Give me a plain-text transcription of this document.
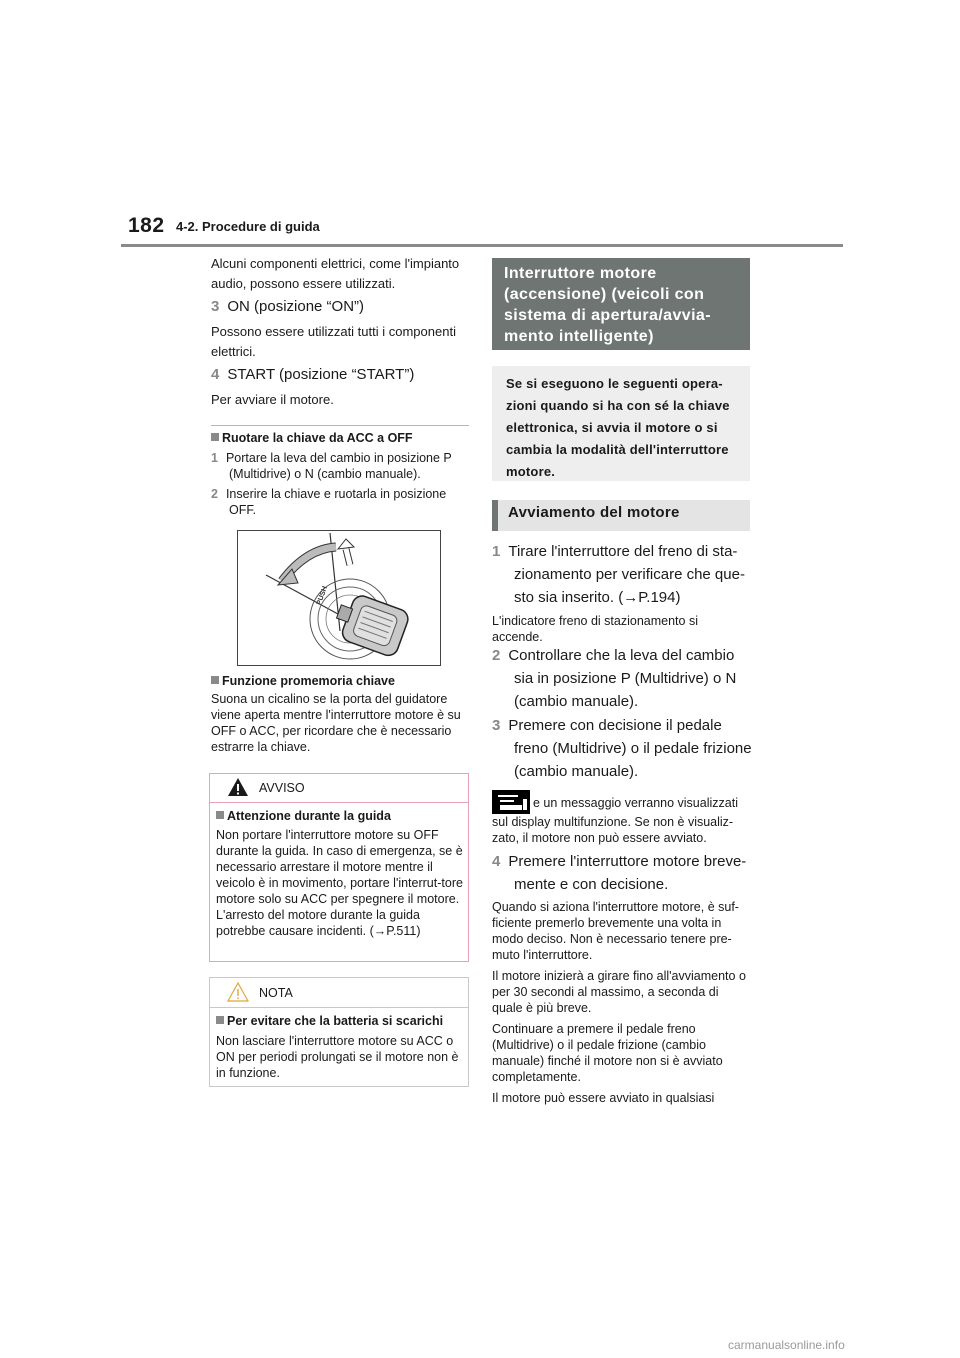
182 4-2. Procedure di guida

Alcuni componenti elettrici, come l'impianto audio, possono essere utilizzati.

3 ON (posizione “ON”)

Possono essere utilizzati tutti i componenti elettrici.

4 START (posizione “START”)

Per avviare il motore.

Ruotare la chiave da ACC a OFF

1 Portare la leva del cambio in posizione P (Multidrive) o N (cambio manuale).

2 Inserire la chiave e ruotarla in posizione OFF.

PUSH

Funzione promemoria chiave

Suona un cicalino se la porta del guidatore viene aperta mentre l'interruttore motore è su OFF o ACC, per ricordare che è necessario estrarre la chiave.

AVVISO

Attenzione durante la guida

Non portare l'interruttore motore su OFF durante la guida. In caso di emergenza, se è necessario arrestare il motore mentre il veicolo è in movimento, portare l'interrut-tore motore solo su ACC per spegnere il motore. L'arresto del motore durante la guida potrebbe causare incidenti. (→P.511)

NOTA

Per evitare che la batteria si scarichi

Non lasciare l'interruttore motore su ACC o ON per periodi prolungati se il motore non è in funzione.

Interruttore motore (accensione) (veicoli con sistema di apertura/avvia-mento intelligente)
Se si eseguono le seguenti opera-zioni quando si ha con sé la chiave elettronica, si avvia il motore o si cambia la modalità dell'interruttore motore.
Avviamento del motore

1 Tirare l'interruttore del freno di sta-zionamento per verificare che que-sto sia inserito. (→P.194)

L'indicatore freno di stazionamento si accende.

2 Controllare che la leva del cambio sia in posizione P (Multidrive) o N (cambio manuale).

3 Premere con decisione il pedale freno (Multidrive) o il pedale frizione (cambio manuale).

e un messaggio verranno visualizzati sul display multifunzione. Se non è visualiz-zato, il motore non può essere avviato.

4 Premere l'interruttore motore breve-mente e con decisione.

Quando si aziona l'interruttore motore, è suf-ficiente premerlo brevemente una volta in modo deciso. Non è necessario tenere pre-muto l'interruttore.

Il motore inizierà a girare fino all'avviamento o per 30 secondi al massimo, a seconda di quale è più breve.

Continuare a premere il pedale freno (Multidrive) o il pedale frizione (cambio manuale) finché il motore non si è avviato completamente.

Il motore può essere avviato in qualsiasi

carmanualsonline.info
